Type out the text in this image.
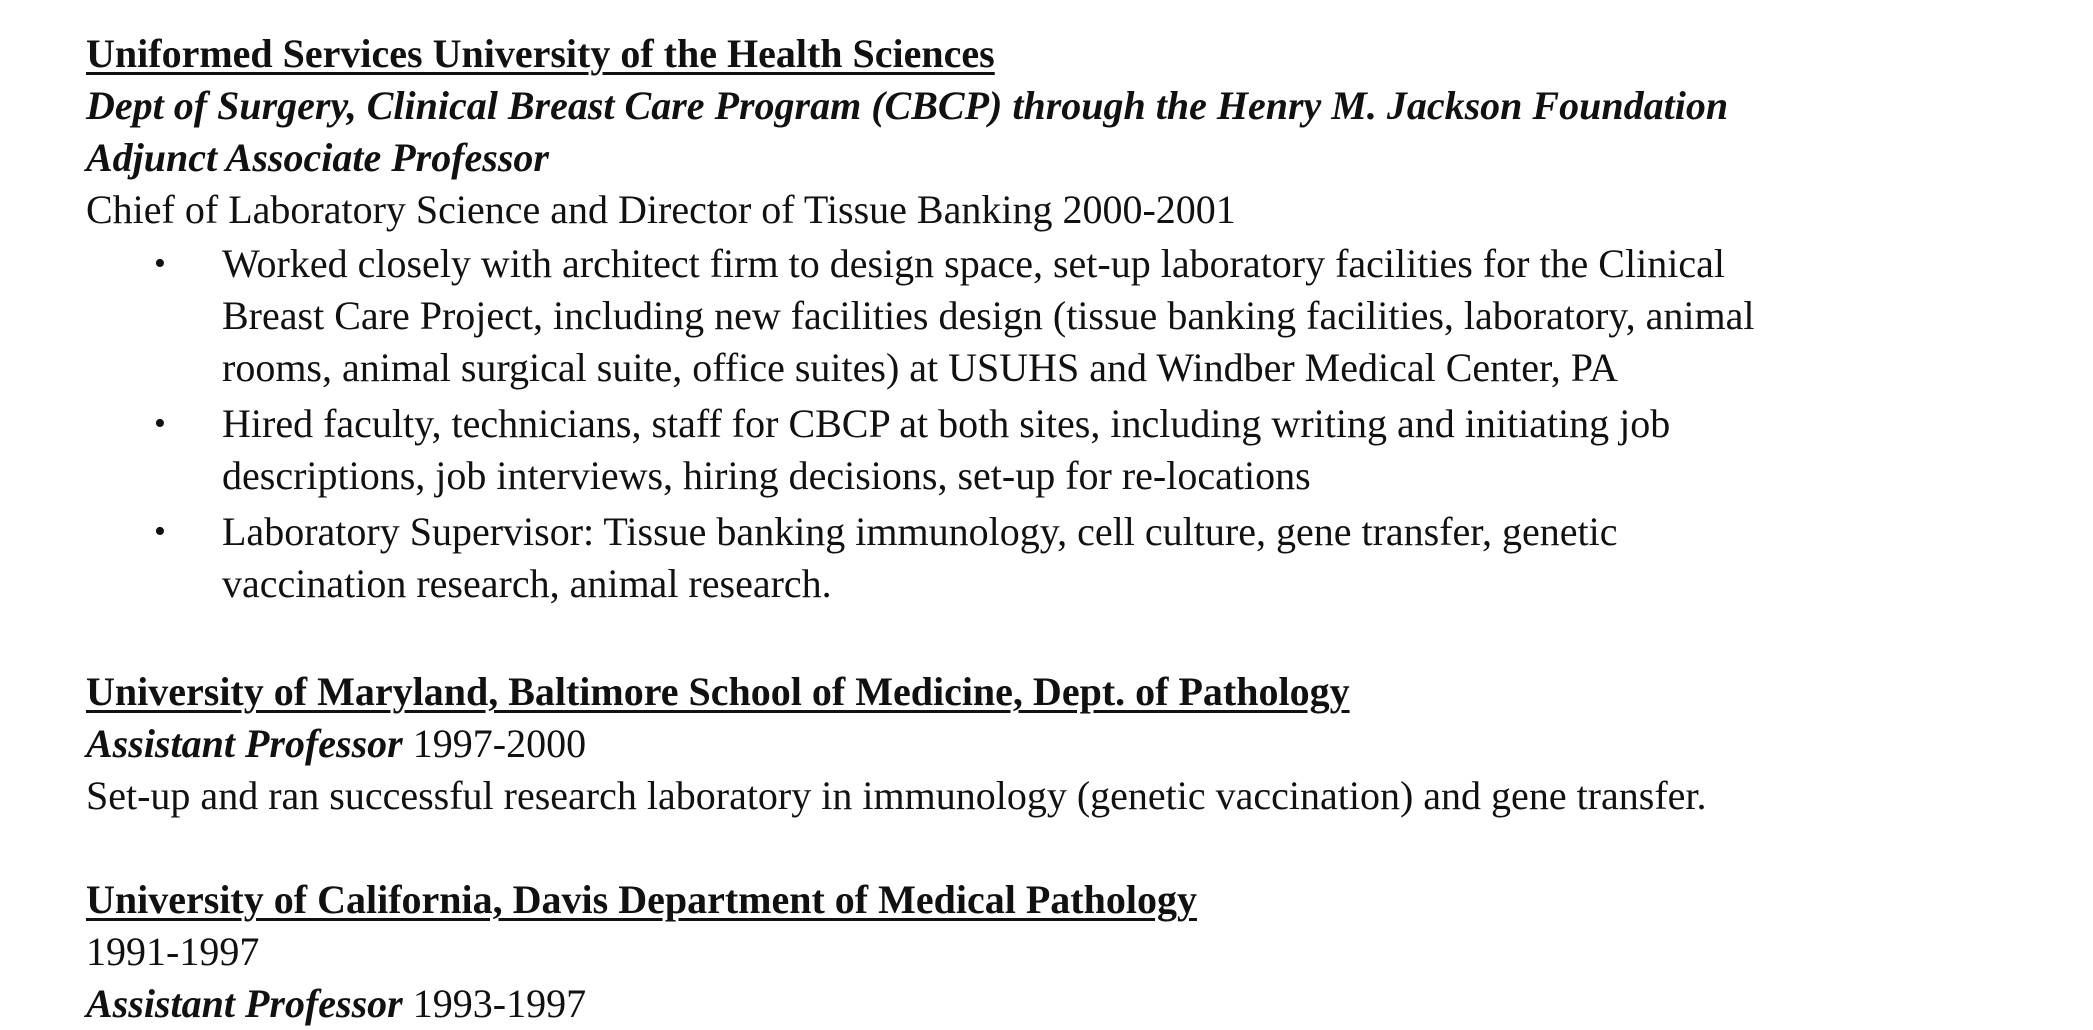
Uniformed Services University of the Health Sciences
Dept of Surgery, Clinical Breast Care Program (CBCP) through the Henry M. Jackson Foundation
Adjunct Associate Professor
Chief of Laboratory Science and Director of Tissue Banking 2000-2001
• Worked closely with architect firm to design space, set-up laboratory facilities for the Clinical
Breast Care Project, including new facilities design (tissue banking facilities, laboratory, animal
rooms, animal surgical suite, office suites) at USUHS and Windber Medical Center, PA
• Hired faculty, technicians, staff for CBCP at both sites, including writing and initiating job
descriptions, job interviews, hiring decisions, set-up for re-locations
• Laboratory Supervisor: Tissue banking immunology, cell culture, gene transfer, genetic
vaccination research, animal research.
University of Maryland, Baltimore School of Medicine, Dept. of Pathology
Assistant Professor 1997-2000
Set-up and ran successful research laboratory in immunology (genetic vaccination) and gene transfer.
University of California, Davis Department of Medical Pathology
1991-1997
Assistant Professor 1993-1997
